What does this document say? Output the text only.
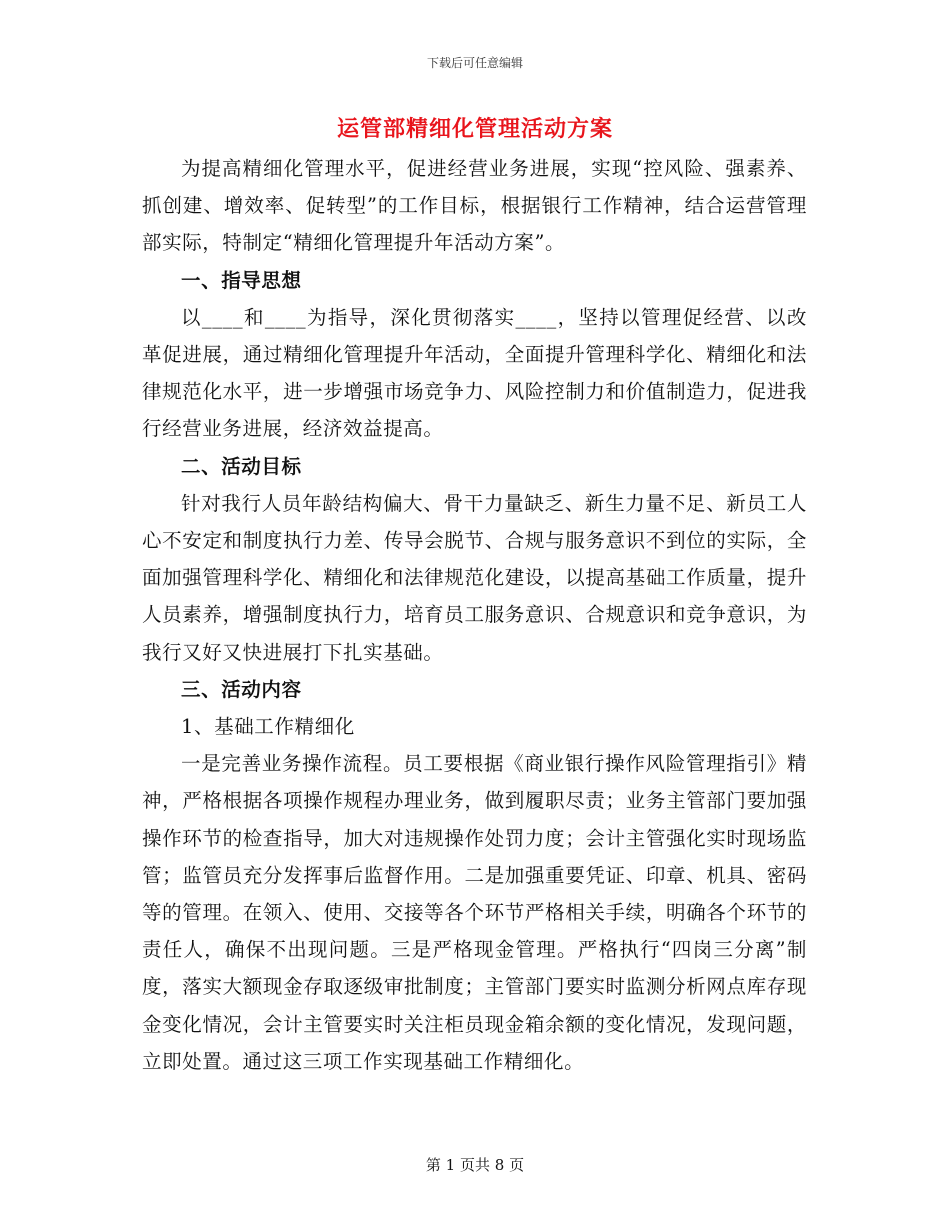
下载后可任意编辑
运管部精细化管理活动方案

为提高精细化管理水平，促进经营业务进展，实现“控风险、强素养、抓创建、增效率、促转型”的工作目标，根据银行工作精神，结合运营管理部实际，特制定“精细化管理提升年活动方案”。

一、指导思想

以____和____为指导，深化贯彻落实____，坚持以管理促经营、以改革促进展，通过精细化管理提升年活动，全面提升管理科学化、精细化和法律规范化水平，进一步增强市场竞争力、风险控制力和价值制造力，促进我行经营业务进展，经济效益提高。

二、活动目标

针对我行人员年龄结构偏大、骨干力量缺乏、新生力量不足、新员工人心不安定和制度执行力差、传导会脱节、合规与服务意识不到位的实际，全面加强管理科学化、精细化和法律规范化建设，以提高基础工作质量，提升人员素养，增强制度执行力，培育员工服务意识、合规意识和竞争意识，为我行又好又快进展打下扎实基础。

三、活动内容

1、基础工作精细化

一是完善业务操作流程。员工要根据《商业银行操作风险管理指引》精神，严格根据各项操作规程办理业务，做到履职尽责；业务主管部门要加强操作环节的检查指导，加大对违规操作处罚力度；会计主管强化实时现场监管；监管员充分发挥事后监督作用。二是加强重要凭证、印章、机具、密码等的管理。在领入、使用、交接等各个环节严格相关手续，明确各个环节的责任人，确保不出现问题。三是严格现金管理。严格执行“四岗三分离”制度，落实大额现金存取逐级审批制度；主管部门要实时监测分析网点库存现金变化情况，会计主管要实时关注柜员现金箱余额的变化情况，发现问题，立即处置。通过这三项工作实现基础工作精细化。

第 1 页共 8 页
